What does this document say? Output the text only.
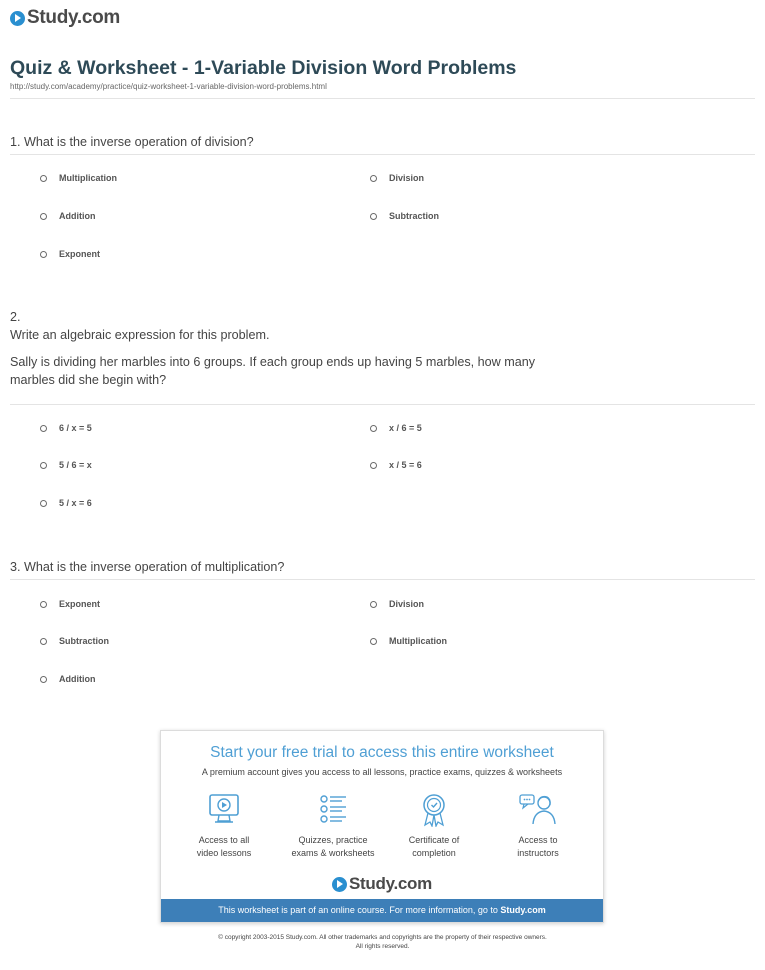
Study.com
Quiz & Worksheet - 1-Variable Division Word Problems
http://study.com/academy/practice/quiz-worksheet-1-variable-division-word-problems.html

1. What is the inverse operation of division?

Multiplication	Division
Addition	Subtraction
Exponent
2.

Write an algebraic expression for this problem.

Sally is dividing her marbles into 6 groups. If each group ends up having 5 marbles, how many
marbles did she begin with?
6 / x = 5	x / 6 = 5
5 / 6 = x	x / 5 = 6
5 / x = 6

3. What is the inverse operation of multiplication?

Exponent	Division
Subtraction	Multiplication
Addition
Start your free trial to access this entire worksheet
A premium account gives you access to all lessons, practice exams, quizzes & worksheets
Access to all
video lessons
Quizzes, practice
exams & worksheets
Certificate of
completion
Access to
instructors
Study.com
This worksheet is part of an online course. For more information, go to Study.com
© copyright 2003-2015 Study.com. All other trademarks and copyrights are the property of their respective owners.
All rights reserved.
